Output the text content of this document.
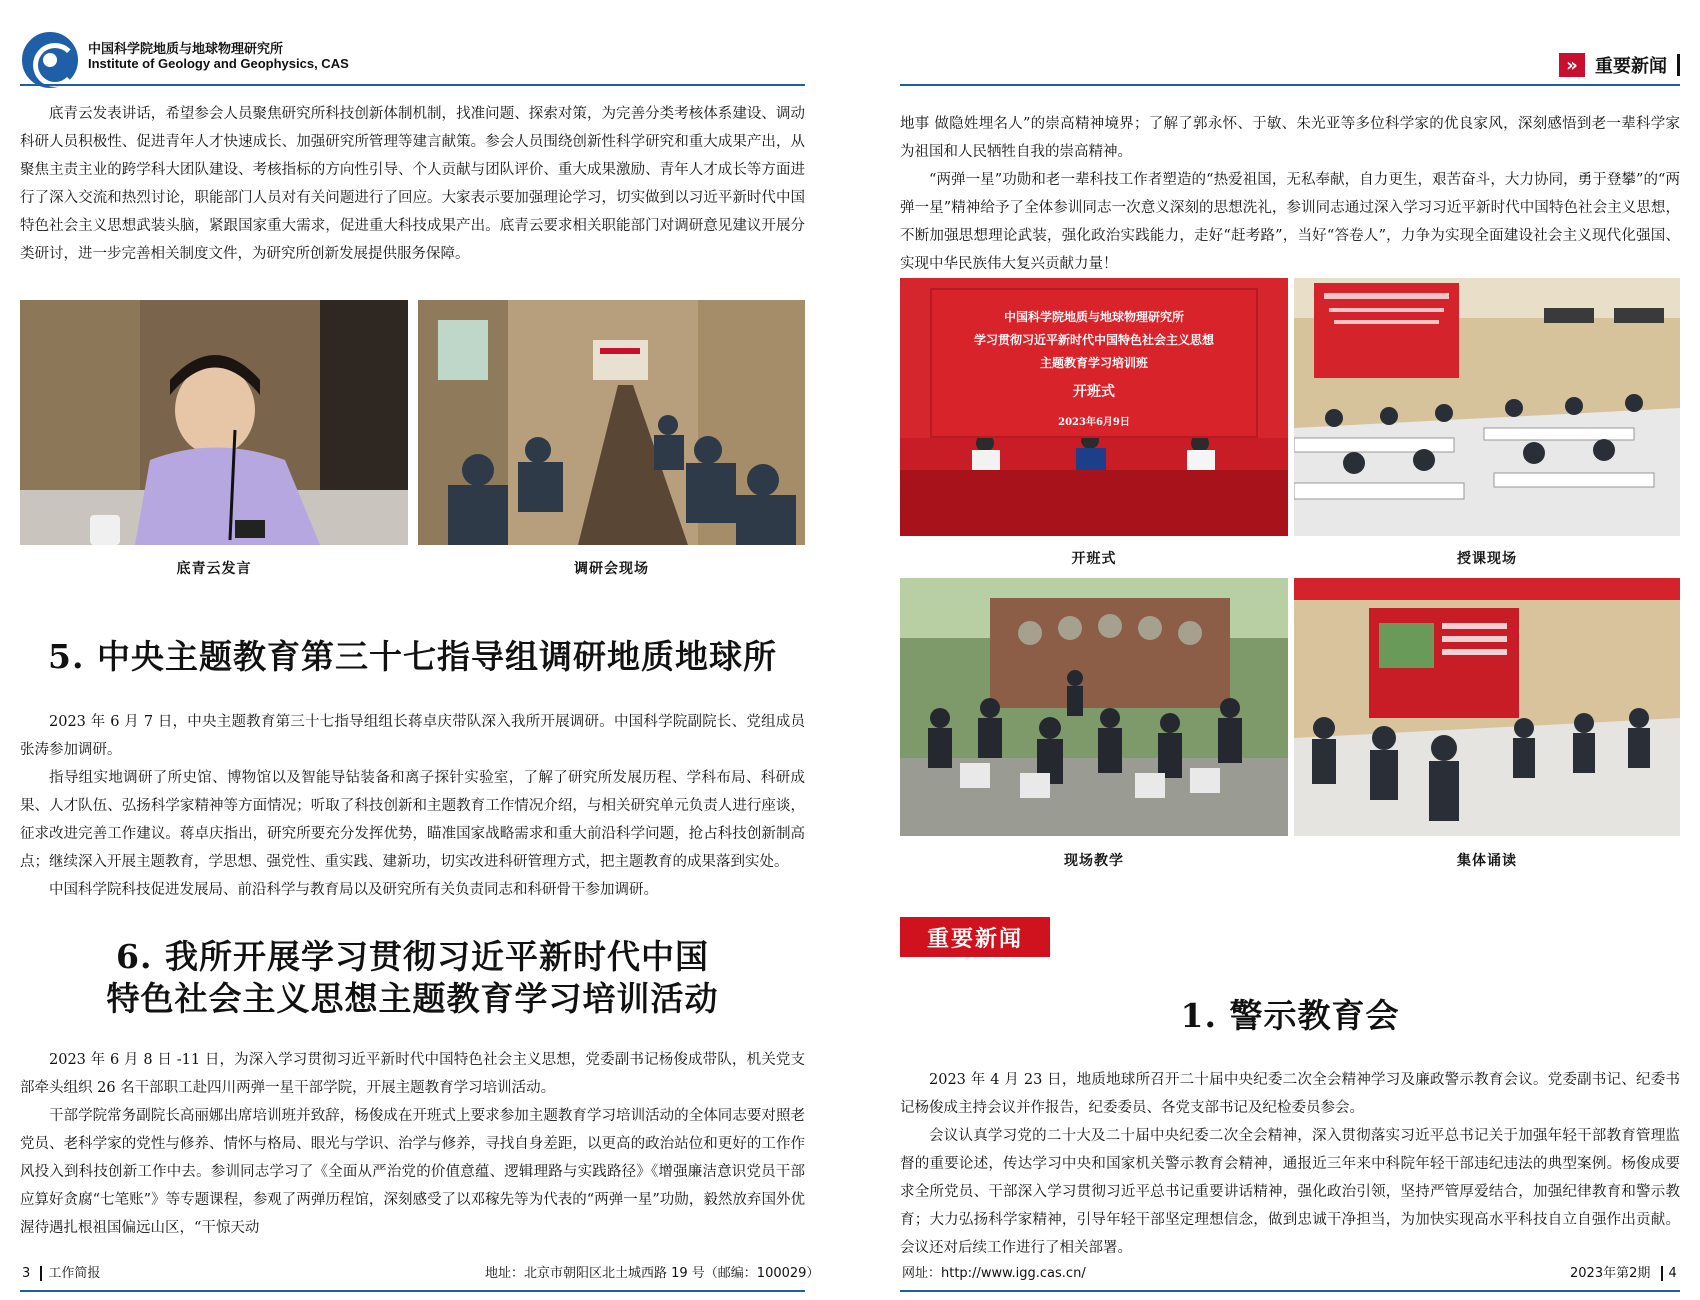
中国科学院地质与地球物理研究所
Institute of Geology and Geophysics, CAS

底青云发表讲话，希望参会人员聚焦研究所科技创新体制机制，找准问题、探索对策，为完善分类考核体系建设、调动科研人员积极性、促进青年人才快速成长、加强研究所管理等建言献策。参会人员围绕创新性科学研究和重大成果产出，从聚焦主责主业的跨学科大团队建设、考核指标的方向性引导、个人贡献与团队评价、重大成果激励、青年人才成长等方面进行了深入交流和热烈讨论，职能部门人员对有关问题进行了回应。大家表示要加强理论学习，切实做到以习近平新时代中国特色社会主义思想武装头脑，紧跟国家重大需求，促进重大科技成果产出。底青云要求相关职能部门对调研意见建议开展分类研讨，进一步完善相关制度文件，为研究所创新发展提供服务保障。

底青云发言	调研会现场
5. 中央主题教育第三十七指导组调研地质地球所

2023 年 6 月 7 日，中央主题教育第三十七指导组组长蒋卓庆带队深入我所开展调研。中国科学院副院长、党组成员张涛参加调研。

指导组实地调研了所史馆、博物馆以及智能导钻装备和离子探针实验室，了解了研究所发展历程、学科布局、科研成果、人才队伍、弘扬科学家精神等方面情况；听取了科技创新和主题教育工作情况介绍，与相关研究单元负责人进行座谈，征求改进完善工作建议。蒋卓庆指出，研究所要充分发挥优势，瞄准国家战略需求和重大前沿科学问题，抢占科技创新制高点；继续深入开展主题教育，学思想、强党性、重实践、建新功，切实改进科研管理方式，把主题教育的成果落到实处。

中国科学院科技促进发展局、前沿科学与教育局以及研究所有关负责同志和科研骨干参加调研。

6. 我所开展学习贯彻习近平新时代中国特色社会主义思想主题教育学习培训活动

2023 年 6 月 8 日 -11 日，为深入学习贯彻习近平新时代中国特色社会主义思想，党委副书记杨俊成带队，机关党支部牵头组织 26 名干部职工赴四川两弹一星干部学院，开展主题教育学习培训活动。

干部学院常务副院长高丽娜出席培训班并致辞，杨俊成在开班式上要求参加主题教育学习培训活动的全体同志要对照老党员、老科学家的党性与修养、情怀与格局、眼光与学识、治学与修养，寻找自身差距，以更高的政治站位和更好的工作作风投入到科技创新工作中去。参训同志学习了《全面从严治党的价值意蕴、逻辑理路与实践路径》《增强廉洁意识党员干部应算好贪腐“七笔账”》等专题课程，参观了两弹历程馆，深刻感受了以邓稼先等为代表的“两弹一星”功勋，毅然放弃国外优渥待遇扎根祖国偏远山区，“干惊天动

3 工作简报	地址：北京市朝阳区北土城西路 19 号（邮编：100029）
» 重要新闻

地事 做隐姓埋名人”的崇高精神境界；了解了郭永怀、于敏、朱光亚等多位科学家的优良家风，深刻感悟到老一辈科学家为祖国和人民牺牲自我的崇高精神。

“两弹一星”功勋和老一辈科技工作者塑造的“热爱祖国，无私奉献，自力更生，艰苦奋斗，大力协同，勇于登攀”的“两弹一星”精神给予了全体参训同志一次意义深刻的思想洗礼，参训同志通过深入学习习近平新时代中国特色社会主义思想，不断加强思想理论武装，强化政治实践能力，走好“赶考路”，当好“答卷人”，力争为实现全面建设社会主义现代化强国、实现中华民族伟大复兴贡献力量！

中国科学院地质与地球物理研究所
学习贯彻习近平新时代中国特色社会主义思想
主题教育学习培训班
开班式
2023年6月9日
开班式	授课现场
现场教学	集体诵读
1. 警示教育会

2023 年 4 月 23 日，地质地球所召开二十届中央纪委二次全会精神学习及廉政警示教育会议。党委副书记、纪委书记杨俊成主持会议并作报告，纪委委员、各党支部书记及纪检委员参会。

会议认真学习党的二十大及二十届中央纪委二次全会精神，深入贯彻落实习近平总书记关于加强年轻干部教育管理监督的重要论述，传达学习中央和国家机关警示教育会精神，通报近三年来中科院年轻干部违纪违法的典型案例。杨俊成要求全所党员、干部深入学习贯彻习近平总书记重要讲话精神，强化政治引领，坚持严管厚爱结合，加强纪律教育和警示教育；大力弘扬科学家精神，引导年轻干部坚定理想信念，做到忠诚干净担当，为加快实现高水平科技自立自强作出贡献。会议还对后续工作进行了相关部署。

网址：http://www.igg.cas.cn/	2023年第2期 4
重要新闻
